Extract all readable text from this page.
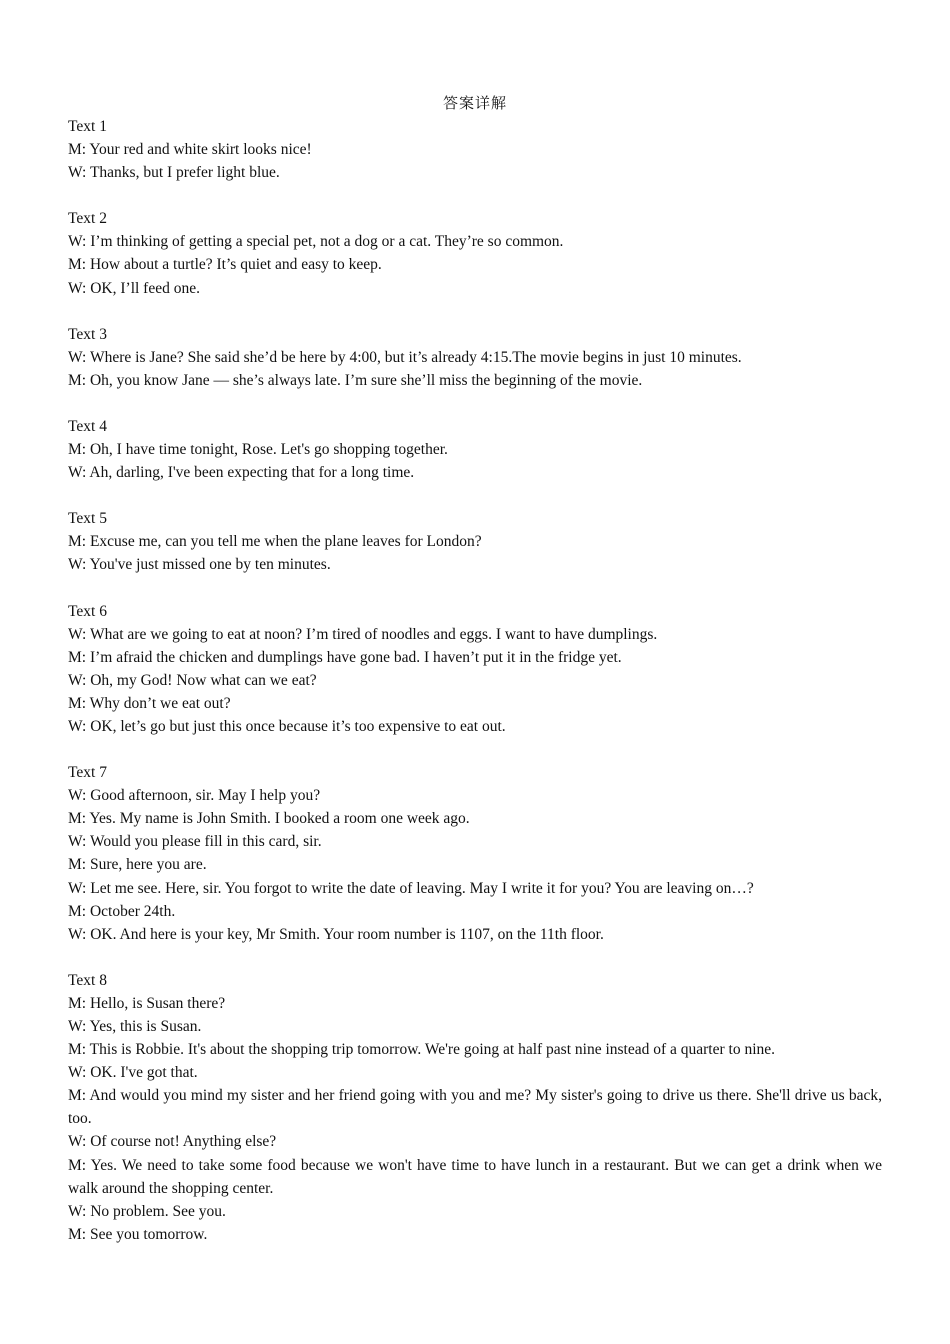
答案详解
Text 1
M: Your red and white skirt looks nice!
W: Thanks, but I prefer light blue.
Text 2
W: I’m thinking of getting a special pet, not a dog or a cat. They’re so common.
M: How about a turtle? It’s quiet and easy to keep.
W: OK, I’ll feed one.
Text 3
W: Where is Jane? She said she’d be here by 4:00, but it’s already 4:15.The movie begins in just 10 minutes.
M: Oh, you know Jane — she’s always late. I’m sure she’ll miss the beginning of the movie.
Text 4
M: Oh, I have time tonight, Rose. Let's go shopping together.
W: Ah, darling, I've been expecting that for a long time.
Text 5
M: Excuse me, can you tell me when the plane leaves for London?
W: You've just missed one by ten minutes.
Text 6
W: What are we going to eat at noon? I’m tired of noodles and eggs. I want to have dumplings.
M: I’m afraid the chicken and dumplings have gone bad. I haven’t put it in the fridge yet.
W: Oh, my God! Now what can we eat?
M: Why don’t we eat out?
W: OK, let’s go but just this once because it’s too expensive to eat out.
Text 7
W: Good afternoon, sir. May I help you?
M: Yes. My name is John Smith. I booked a room one week ago.
W: Would you please fill in this card, sir.
M: Sure, here you are.
W: Let me see. Here, sir. You forgot to write the date of leaving. May I write it for you? You are leaving on…?
M: October 24th.
W: OK. And here is your key, Mr Smith. Your room number is 1107, on the 11th floor.
Text 8
M: Hello, is Susan there?
W: Yes, this is Susan.
M: This is Robbie. It's about the shopping trip tomorrow. We're going at half past nine instead of a quarter to nine.
W: OK. I've got that.
M: And would you mind my sister and her friend going with you and me? My sister's going to drive us there. She'll drive us back, too.
W: Of course not! Anything else?
M: Yes. We need to take some food because we won't have time to have lunch in a restaurant. But we can get a drink when we walk around the shopping center.
W: No problem. See you.
M: See you tomorrow.
